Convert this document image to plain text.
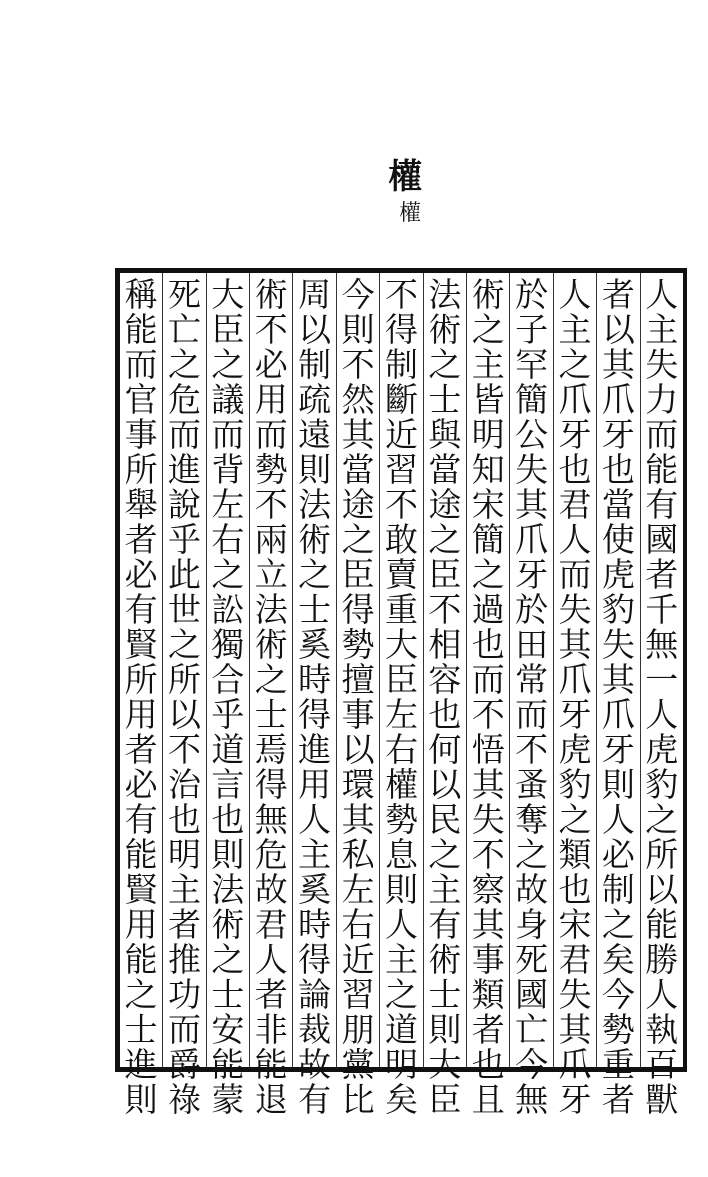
權
權
人
主
失
力
而
能
有
國
者
千
無
一
人
虎
豹
之
所
以
能
勝
人
執
百
獸
者
以
其
爪
牙
也
當
使
虎
豹
失
其
爪
牙
則
人
必
制
之
矣
今
勢
重
者
人
主
之
爪
牙
也
君
人
而
失
其
爪
牙
虎
豹
之
類
也
宋
君
失
其
爪
牙
於
子
罕
簡
公
失
其
爪
牙
於
田
常
而
不
蚤
奪
之
故
身
死
國
亡
今
無
術
之
主
皆
明
知
宋
簡
之
過
也
而
不
悟
其
失
不
察
其
事
類
者
也
且
法
術
之
士
與
當
途
之
臣
不
相
容
也
何
以
民
之
主
有
術
士
則
大
臣
不
得
制
斷
近
習
不
敢
賣
重
大
臣
左
右
權
勢
息
則
人
主
之
道
明
矣
今
則
不
然
其
當
途
之
臣
得
勢
擅
事
以
環
其
私
左
右
近
習
朋
黨
比
周
以
制
疏
遠
則
法
術
之
士
奚
時
得
進
用
人
主
奚
時
得
論
裁
故
有
術
不
必
用
而
勢
不
兩
立
法
術
之
士
焉
得
無
危
故
君
人
者
非
能
退
大
臣
之
議
而
背
左
右
之
訟
獨
合
乎
道
言
也
則
法
術
之
士
安
能
蒙
死
亡
之
危
而
進
說
乎
此
世
之
所
以
不
治
也
明
主
者
推
功
而
爵
祿
稱
能
而
官
事
所
舉
者
必
有
賢
所
用
者
必
有
能
賢
用
能
之
士
進
則
